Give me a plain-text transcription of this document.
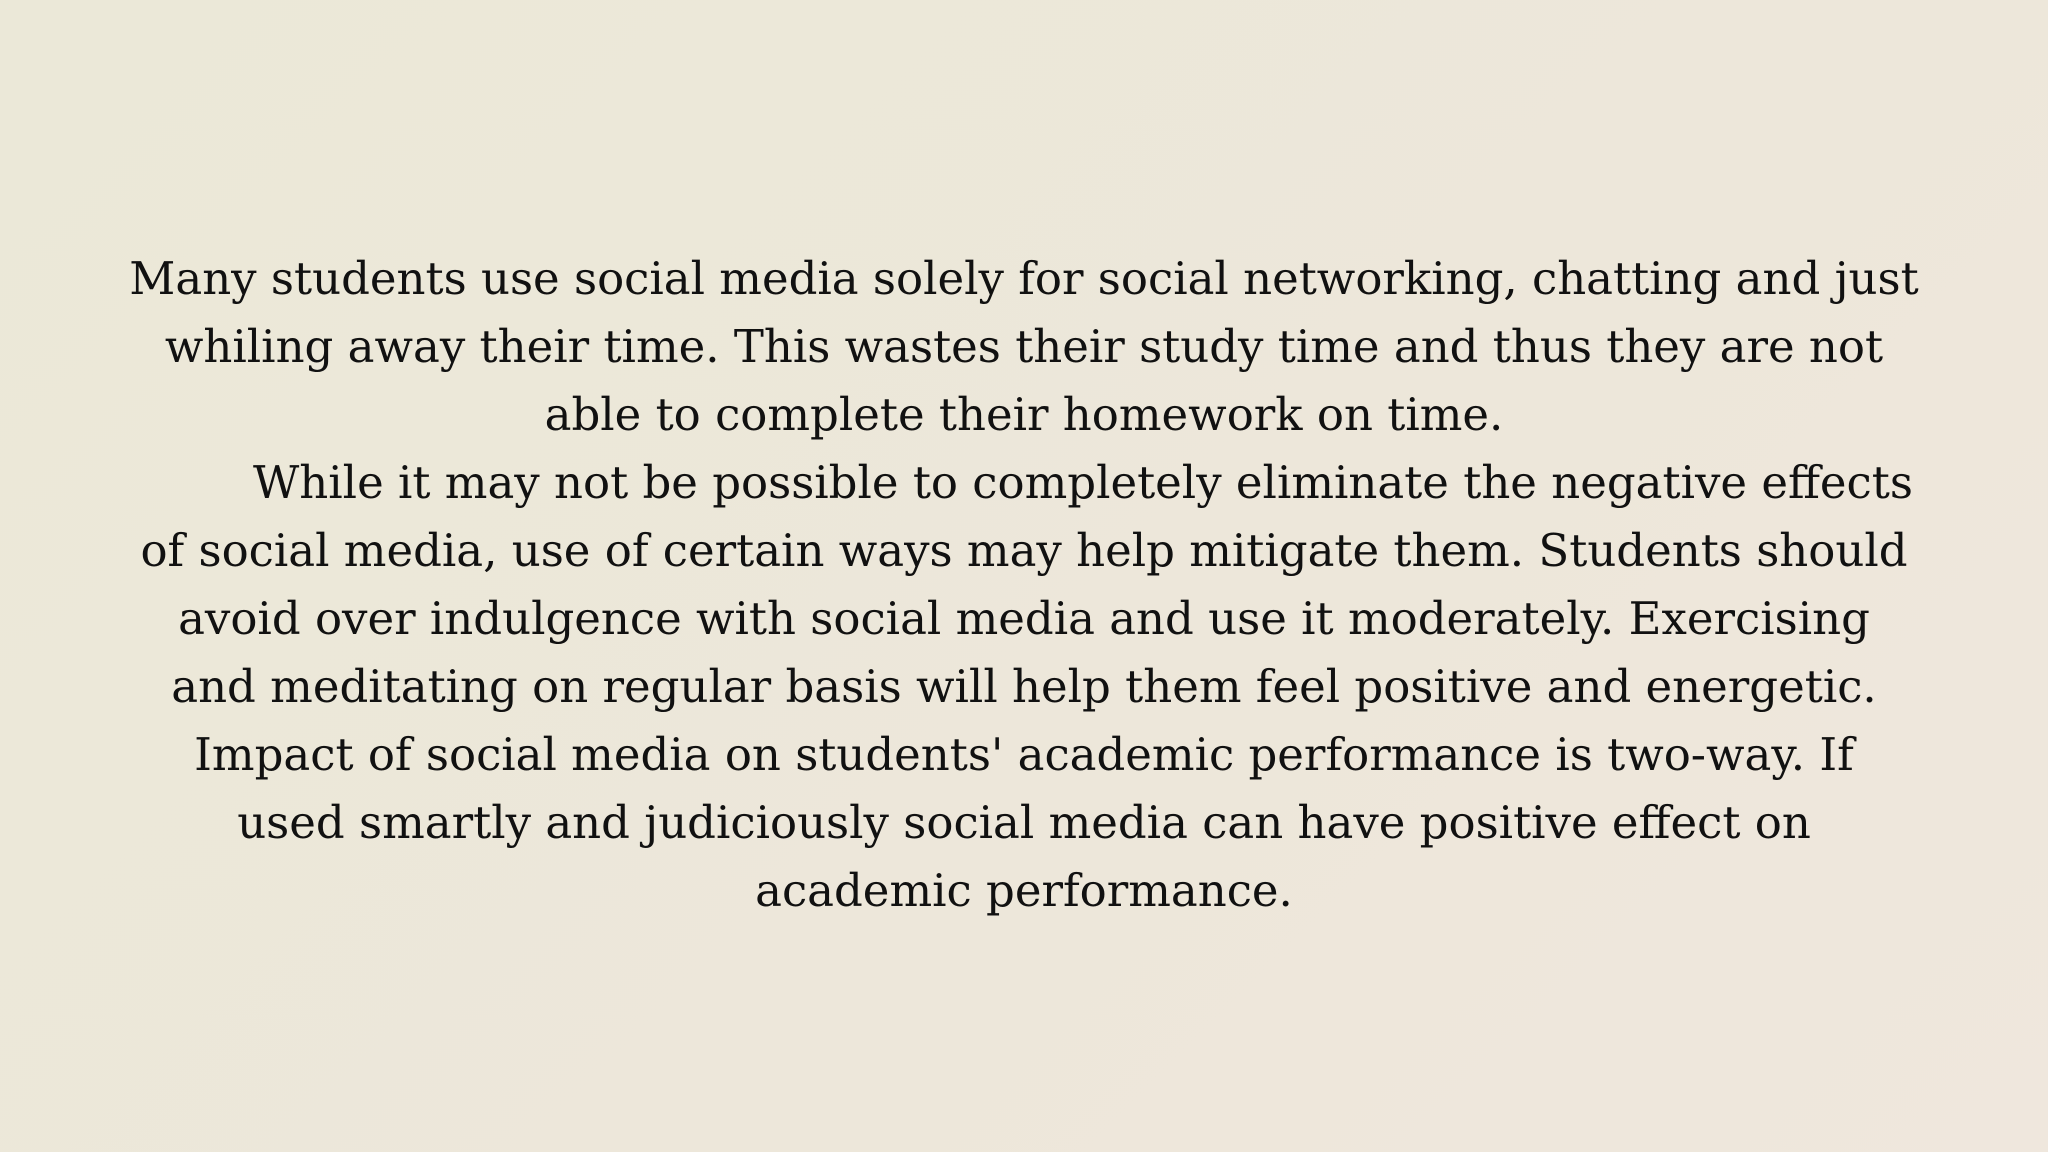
Many students use social media solely for social networking, chatting and just
whiling away their time. This wastes their study time and thus they are not
able to complete their homework on time.
While it may not be possible to completely eliminate the negative effects
of social media, use of certain ways may help mitigate them. Students should
avoid over indulgence with social media and use it moderately. Exercising
and meditating on regular basis will help them feel positive and energetic.
Impact of social media on students' academic performance is two-way. If
used smartly and judiciously social media can have positive effect on
academic performance.
